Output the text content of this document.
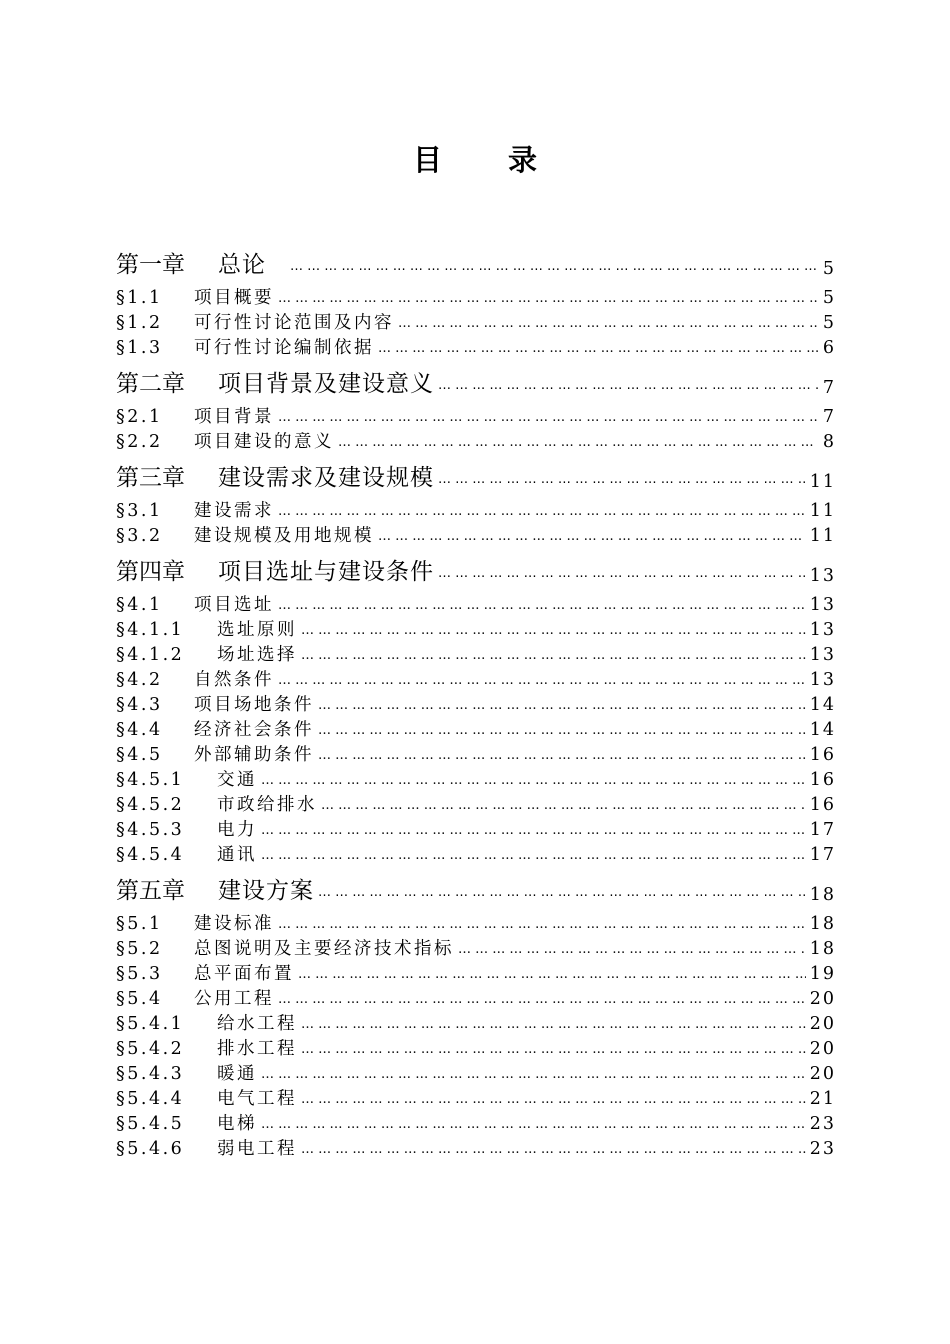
目 录
第一章	总论 … … … … … … … … … … … … … … … … … … … … … … … … … … … … … … … … … … … … … … … … … … … … … … … … … … … … … … … … … … … … … … … … … … … …	5
§1.1	项目概要 … … … … … … … … … … … … … … … … … … … … … … … … … … … … … … … … … … … … … … … … … … … … … … … … … … … … … … … … … … … … … … … … … … … …	5
§1.2	可行性讨论范围及内容 … … … … … … … … … … … … … … … … … … … … … … … … … … … … … … … … … … … … … … … … … … … … … … … … … … … … … … … … … … … … … … … … … … … …	5
§1.3	可行性讨论编制依据 … … … … … … … … … … … … … … … … … … … … … … … … … … … … … … … … … … … … … … … … … … … … … … … … … … … … … … … … … … … … … … … … … … … …	6
第二章	项目背景及建设意义 … … … … … … … … … … … … … … … … … … … … … … … … … … … … … … … … … … … … … … … … … … … … … … … … … … … … … … … … … … … … … … … … … … … …	7
§2.1	项目背景 … … … … … … … … … … … … … … … … … … … … … … … … … … … … … … … … … … … … … … … … … … … … … … … … … … … … … … … … … … … … … … … … … … … …	7
§2.2	项目建设的意义 … … … … … … … … … … … … … … … … … … … … … … … … … … … … … … … … … … … … … … … … … … … … … … … … … … … … … … … … … … … … … … … … … … … …	8
第三章	建设需求及建设规模 … … … … … … … … … … … … … … … … … … … … … … … … … … … … … … … … … … … … … … … … … … … … … … … … … … … … … … … … … … … … … … … … … … … …	11
§3.1	建设需求 … … … … … … … … … … … … … … … … … … … … … … … … … … … … … … … … … … … … … … … … … … … … … … … … … … … … … … … … … … … … … … … … … … … …	11
§3.2	建设规模及用地规模 … … … … … … … … … … … … … … … … … … … … … … … … … … … … … … … … … … … … … … … … … … … … … … … … … … … … … … … … … … … … … … … … … … … …	11
第四章	项目选址与建设条件 … … … … … … … … … … … … … … … … … … … … … … … … … … … … … … … … … … … … … … … … … … … … … … … … … … … … … … … … … … … … … … … … … … … …	13
§4.1	项目选址 … … … … … … … … … … … … … … … … … … … … … … … … … … … … … … … … … … … … … … … … … … … … … … … … … … … … … … … … … … … … … … … … … … … …	13
§4.1.1	选址原则 … … … … … … … … … … … … … … … … … … … … … … … … … … … … … … … … … … … … … … … … … … … … … … … … … … … … … … … … … … … … … … … … … … … …	13
§4.1.2	场址选择 … … … … … … … … … … … … … … … … … … … … … … … … … … … … … … … … … … … … … … … … … … … … … … … … … … … … … … … … … … … … … … … … … … … …	13
§4.2	自然条件 … … … … … … … … … … … … … … … … … … … … … … … … … … … … … … … … … … … … … … … … … … … … … … … … … … … … … … … … … … … … … … … … … … … …	13
§4.3	项目场地条件 … … … … … … … … … … … … … … … … … … … … … … … … … … … … … … … … … … … … … … … … … … … … … … … … … … … … … … … … … … … … … … … … … … … …	14
§4.4	经济社会条件 … … … … … … … … … … … … … … … … … … … … … … … … … … … … … … … … … … … … … … … … … … … … … … … … … … … … … … … … … … … … … … … … … … … …	14
§4.5	外部辅助条件 … … … … … … … … … … … … … … … … … … … … … … … … … … … … … … … … … … … … … … … … … … … … … … … … … … … … … … … … … … … … … … … … … … … …	16
§4.5.1	交通 … … … … … … … … … … … … … … … … … … … … … … … … … … … … … … … … … … … … … … … … … … … … … … … … … … … … … … … … … … … … … … … … … … … …	16
§4.5.2	市政给排水 … … … … … … … … … … … … … … … … … … … … … … … … … … … … … … … … … … … … … … … … … … … … … … … … … … … … … … … … … … … … … … … … … … … …	16
§4.5.3	电力 … … … … … … … … … … … … … … … … … … … … … … … … … … … … … … … … … … … … … … … … … … … … … … … … … … … … … … … … … … … … … … … … … … … …	17
§4.5.4	通讯 … … … … … … … … … … … … … … … … … … … … … … … … … … … … … … … … … … … … … … … … … … … … … … … … … … … … … … … … … … … … … … … … … … … …	17
第五章	建设方案 … … … … … … … … … … … … … … … … … … … … … … … … … … … … … … … … … … … … … … … … … … … … … … … … … … … … … … … … … … … … … … … … … … … …	18
§5.1	建设标准 … … … … … … … … … … … … … … … … … … … … … … … … … … … … … … … … … … … … … … … … … … … … … … … … … … … … … … … … … … … … … … … … … … … …	18
§5.2	总图说明及主要经济技术指标 … … … … … … … … … … … … … … … … … … … … … … … … … … … … … … … … … … … … … … … … … … … … … … … … … … … … … … … … … … … … … … … … … … … …	18
§5.3	总平面布置 … … … … … … … … … … … … … … … … … … … … … … … … … … … … … … … … … … … … … … … … … … … … … … … … … … … … … … … … … … … … … … … … … … … …	19
§5.4	公用工程 … … … … … … … … … … … … … … … … … … … … … … … … … … … … … … … … … … … … … … … … … … … … … … … … … … … … … … … … … … … … … … … … … … … …	20
§5.4.1	给水工程 … … … … … … … … … … … … … … … … … … … … … … … … … … … … … … … … … … … … … … … … … … … … … … … … … … … … … … … … … … … … … … … … … … … …	20
§5.4.2	排水工程 … … … … … … … … … … … … … … … … … … … … … … … … … … … … … … … … … … … … … … … … … … … … … … … … … … … … … … … … … … … … … … … … … … … …	20
§5.4.3	暖通 … … … … … … … … … … … … … … … … … … … … … … … … … … … … … … … … … … … … … … … … … … … … … … … … … … … … … … … … … … … … … … … … … … … …	20
§5.4.4	电气工程 … … … … … … … … … … … … … … … … … … … … … … … … … … … … … … … … … … … … … … … … … … … … … … … … … … … … … … … … … … … … … … … … … … … …	21
§5.4.5	电梯 … … … … … … … … … … … … … … … … … … … … … … … … … … … … … … … … … … … … … … … … … … … … … … … … … … … … … … … … … … … … … … … … … … … …	23
§5.4.6	弱电工程 … … … … … … … … … … … … … … … … … … … … … … … … … … … … … … … … … … … … … … … … … … … … … … … … … … … … … … … … … … … … … … … … … … … …	23
